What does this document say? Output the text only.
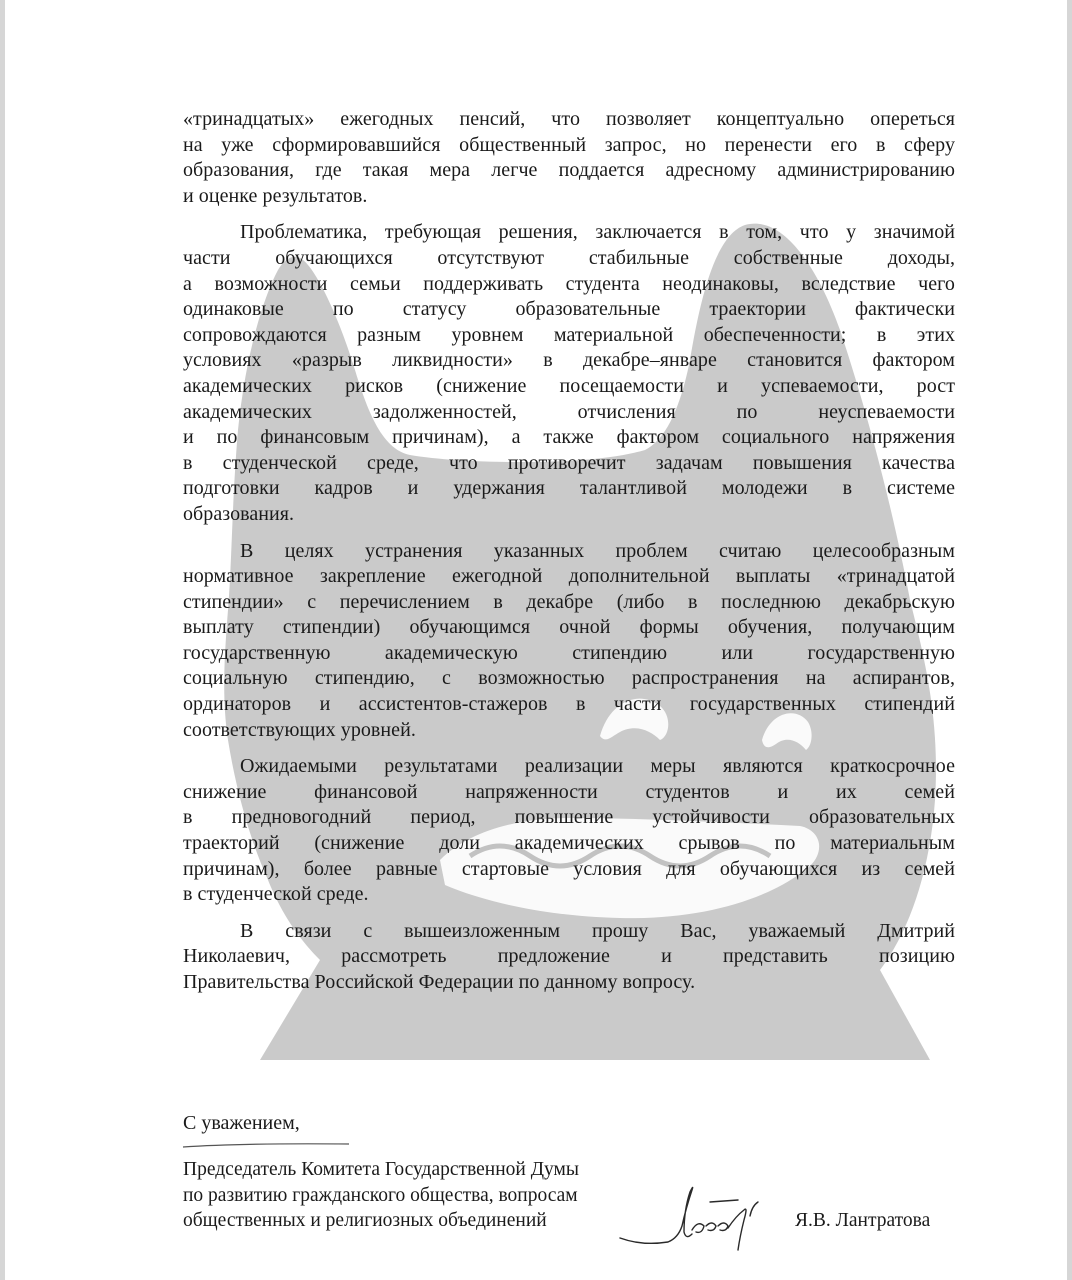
«тринадцатых» ежегодных пенсий, что позволяет концептуально опереться
на уже сформировавшийся общественный запрос, но перенести его в сферу
образования, где такая мера легче поддается адресному администрированию
и оценке результатов.
Проблематика, требующая решения, заключается в том, что у значимой
части обучающихся отсутствуют стабильные собственные доходы,
а возможности семьи поддерживать студента неодинаковы, вследствие чего
одинаковые по статусу образовательные траектории фактически
сопровождаются разным уровнем материальной обеспеченности; в этих
условиях «разрыв ликвидности» в декабре–январе становится фактором
академических рисков (снижение посещаемости и успеваемости, рост
академических задолженностей, отчисления по неуспеваемости
и по финансовым причинам), а также фактором социального напряжения
в студенческой среде, что противоречит задачам повышения качества
подготовки кадров и удержания талантливой молодежи в системе
образования.
В целях устранения указанных проблем считаю целесообразным
нормативное закрепление ежегодной дополнительной выплаты «тринадцатой
стипендии» с перечислением в декабре (либо в последнюю декабрьскую
выплату стипендии) обучающимся очной формы обучения, получающим
государственную академическую стипендию или государственную
социальную стипендию, с возможностью распространения на аспирантов,
ординаторов и ассистентов-стажеров в части государственных стипендий
соответствующих уровней.
Ожидаемыми результатами реализации меры являются краткосрочное
снижение финансовой напряженности студентов и их семей
в предновогодний период, повышение устойчивости образовательных
траекторий (снижение доли академических срывов по материальным
причинам), более равные стартовые условия для обучающихся из семей
в студенческой среде.
В связи с вышеизложенным прошу Вас, уважаемый Дмитрий
Николаевич, рассмотреть предложение и представить позицию
Правительства Российской Федерации по данному вопросу.
С уважением,
Председатель Комитета Государственной Думы
по развитию гражданского общества, вопросам
общественных и религиозных объединений	Я.В. Лантратова
